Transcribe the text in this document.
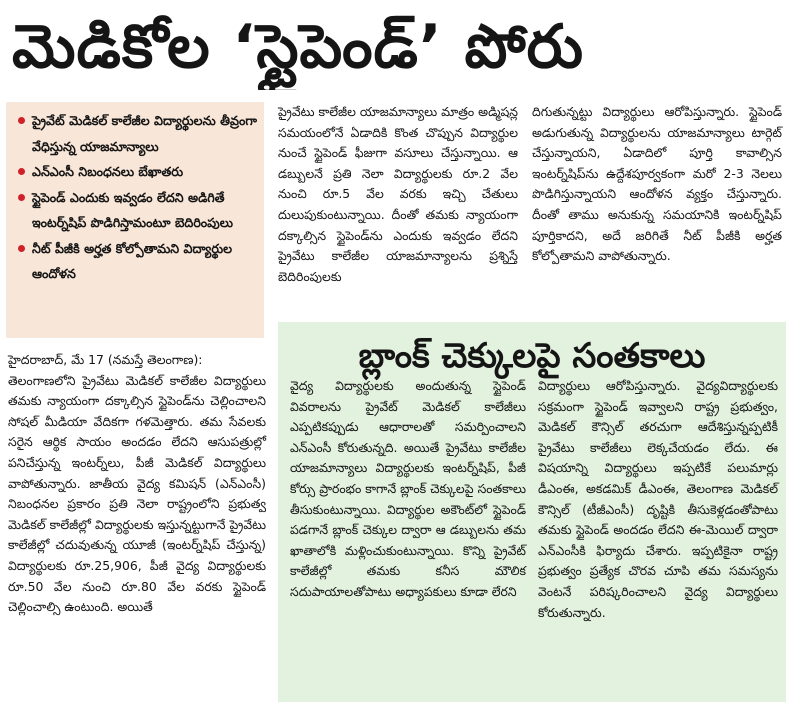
మెడికోల ‘స్టైపెండ్’ పోరు
ప్రైవేట్ మెడికల్ కాలేజీల విద్యార్థులను తీవ్రంగా వేధిస్తున్న యాజమాన్యాలు
ఎన్ఎంసీ నిబంధనలు బేఖాతరు
స్టైపెండ్ ఎందుకు ఇవ్వడం లేదని అడిగితే ఇంటర్న్‌షిప్ పొడిగిస్తామంటూ బెదిరింపులు
నీట్ పీజీకి అర్హత కోల్పోతామని విద్యార్థుల ఆందోళన

హైదరాబాద్, మే 17 (నమస్తే తెలంగాణ):

తెలంగాణలోని ప్రైవేటు మెడికల్ కాలేజీల విద్యార్థులు తమకు న్యాయంగా దక్కాల్సిన స్టైపెండ్‌ను చెల్లించాలని సోషల్ మీడియా వేదికగా గళమెత్తారు. తమ సేవలకు సరైన ఆర్థిక సాయం అందడం లేదని ఆసుపత్రుల్లో పనిచేస్తున్న ఇంటర్న్‌లు, పీజీ మెడికల్ విద్యార్థులు వాపోతున్నారు. జాతీయ వైద్య కమిషన్ (ఎన్ఎంసీ) నిబంధనల ప్రకారం ప్రతి నెలా రాష్ట్రంలోని ప్రభుత్వ మెడికల్ కాలేజీల్లో విద్యార్థులకు ఇస్తున్నట్టుగానే ప్రైవేటు కాలేజీల్లో చదువుతున్న యూజీ (ఇంటర్న్‌షిప్ చేస్తున్న) విద్యార్థులకు రూ.25,906, పీజీ వైద్య విద్యార్థులకు రూ.50 వేల నుంచి రూ.80 వేల వరకు స్టైపెండ్ చెల్లించాల్సి ఉంటుంది. అయితే

ప్రైవేటు కాలేజీల యాజమాన్యాలు మాత్రం అడ్మిషన్ల సమయంలోనే ఏడాదికి కొంత చొప్పున విద్యార్థుల నుంచే స్టైపెండ్ ఫీజుగా వసూలు చేస్తున్నాయి. ఆ డబ్బులనే ప్రతి నెలా విద్యార్థులకు రూ.2 వేల నుంచి రూ.5 వేల వరకు ఇచ్చి చేతులు దులుపుకుంటున్నాయి. దీంతో తమకు న్యాయంగా దక్కాల్సిన స్టైపెండ్‌ను ఎందుకు ఇవ్వడం లేదని ప్రైవేటు కాలేజీల యాజమాన్యాలను ప్రశ్నిస్తే బెదిరింపులకు

దిగుతున్నట్టు విద్యార్థులు ఆరోపిస్తున్నారు. స్టైపెండ్ అడుగుతున్న విద్యార్థులను యాజమాన్యాలు టార్గెట్ చేస్తున్నాయని, ఏడాదిలో పూర్తి కావాల్సిన ఇంటర్న్‌షిప్‌ను ఉద్దేశపూర్వకంగా మరో 2-3 నెలలు పొడిగిస్తున్నాయని ఆందోళన వ్యక్తం చేస్తున్నారు. దీంతో తాము అనుకున్న సమయానికి ఇంటర్న్‌షిప్ పూర్తికాదని, అదే జరిగితే నీట్ పీజీకి అర్హత కోల్పోతామని వాపోతున్నారు.

బ్లాంక్ చెక్కులపై సంతకాలు

వైద్య విద్యార్థులకు అందుతున్న స్టైపెండ్ వివరాలను ప్రైవేట్ మెడికల్ కాలేజీలు ఎప్పటికప్పుడు ఆధారాలతో సమర్పించాలని ఎన్ఎంసీ కోరుతున్నది. అయితే ప్రైవేటు కాలేజీల యాజమాన్యాలు విద్యార్థులకు ఇంటర్న్‌షిప్, పీజీ కోర్సు ప్రారంభం కాగానే బ్లాంక్ చెక్కులపై సంతకాలు తీసుకుంటున్నాయి. విద్యార్థుల అకౌంట్‌లో స్టైపెండ్ పడగానే బ్లాంక్ చెక్కుల ద్వారా ఆ డబ్బులను తమ ఖాతాలోకి మళ్లించుకుంటున్నాయి. కొన్ని ప్రైవేట్ కాలేజీల్లో తమకు కనీస మౌలిక సదుపాయాలతోపాటు అధ్యాపకులు కూడా లేరని

విద్యార్థులు ఆరోపిస్తున్నారు. వైద్యవిద్యార్థులకు సక్రమంగా స్టైపెండ్ ఇవ్వాలని రాష్ట్ర ప్రభుత్వం, మెడికల్ కౌన్సిల్ తరచుగా ఆదేశిస్తున్నప్పటికీ ప్రైవేటు కాలేజీలు లెక్కచేయడం లేదు. ఈ విషయాన్ని విద్యార్థులు ఇప్పటికే పలుమార్లు డీఎంఈ, అకడమిక్ డీఎంఈ, తెలంగాణ మెడికల్ కౌన్సిల్ (టీజీఎంసీ) దృష్టికి తీసుకెళ్లడంతోపాటు తమకు స్టైపెండ్ అందడం లేదని ఈ-మెయిల్ ద్వారా ఎన్ఎంసీకి ఫిర్యాదు చేశారు. ఇప్పటికైనా రాష్ట్ర ప్రభుత్వం ప్రత్యేక చొరవ చూపి తమ సమస్యను వెంటనే పరిష్కరించాలని వైద్య విద్యార్థులు కోరుతున్నారు.
